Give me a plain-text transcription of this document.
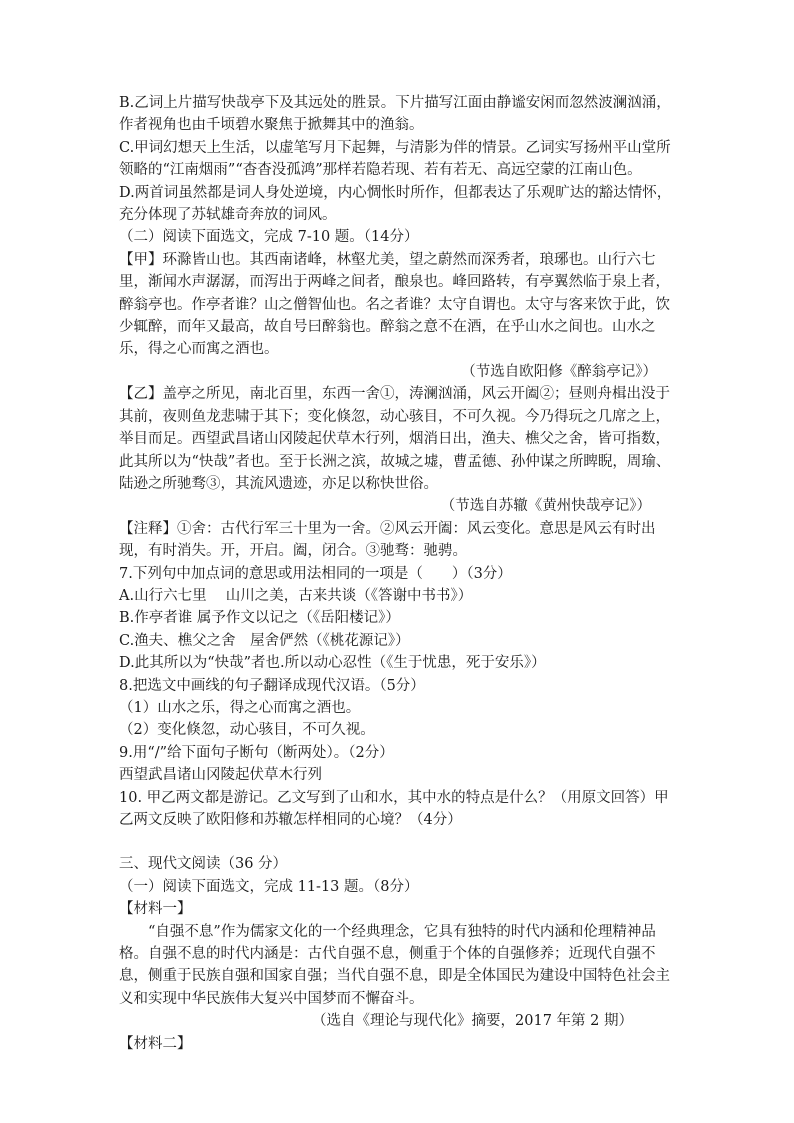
B.乙词上片描写快哉亭下及其远处的胜景。下片描写江面由静谧安闲而忽然波澜汹涌，作者视角也由千顷碧水聚焦于掀舞其中的渔翁。

C.甲词幻想天上生活，以虚笔写月下起舞，与清影为伴的情景。乙词实写扬州平山堂所领略的“江南烟雨”“杳杳没孤鸿”那样若隐若现、若有若无、高远空蒙的江南山色。

D.两首词虽然都是词人身处逆境，内心惆怅时所作，但都表达了乐观旷达的豁达情怀，充分体现了苏轼雄奇奔放的词风。

（二）阅读下面选文，完成 7-10 题。（14分）

【甲】环滁皆山也。其西南诸峰，林壑尤美，望之蔚然而深秀者，琅琊也。山行六七里，渐闻水声潺潺，而泻出于两峰之间者，酿泉也。峰回路转，有亭翼然临于泉上者，醉翁亭也。作亭者谁？山之僧智仙也。名之者谁？太守自谓也。太守与客来饮于此，饮少辄醉，而年又最高，故自号曰醉翁也。醉翁之意不在酒，在乎山水之间也。山水之乐，得之心而寓之酒也。

（节选自欧阳修《醉翁亭记》）

【乙】盖亭之所见，南北百里，东西一舍①，涛澜汹涌，风云开阖②；昼则舟楫出没于其前，夜则鱼龙悲啸于其下；变化倏忽，动心骇目，不可久视。今乃得玩之几席之上，举目而足。西望武昌诸山冈陵起伏草木行列，烟消日出，渔夫、樵父之舍，皆可指数，此其所以为“快哉”者也。至于长洲之滨，故城之墟，曹孟德、孙仲谋之所睥睨，周瑜、陆逊之所驰骛③，其流风遗迹，亦足以称快世俗。

（节选自苏辙《黄州快哉亭记》）

【注释】①舍：古代行军三十里为一舍。②风云开阖：风云变化。意思是风云有时出现，有时消失。开，开启。阖，闭合。③驰骛：驰骋。

7.下列句中加点词的意思或用法相同的一项是（　　）（3分）

A.山行六七里　 山川之美，古来共谈（《答谢中书书》）

B.作亭者谁 属予作文以记之（《岳阳楼记》）

C.渔夫、樵父之舍　屋舍俨然（《桃花源记》）

D.此其所以为“快哉”者也.所以动心忍性（《生于忧患，死于安乐》）

8.把选文中画线的句子翻译成现代汉语。（5分）

（1）山水之乐，得之心而寓之酒也。

（2）变化倏忽，动心骇目，不可久视。

9.用“/”给下面句子断句（断两处）。（2分）

西望武昌诸山冈陵起伏草木行列

10. 甲乙两文都是游记。乙文写到了山和水，其中水的特点是什么？（用原文回答）甲乙两文反映了欧阳修和苏辙怎样相同的心境？（4分）

三、现代文阅读（36 分）

（一）阅读下面选文，完成 11-13 题。（8分）

【材料一】

“自强不息”作为儒家文化的一个经典理念，它具有独特的时代内涵和伦理精神品格。自强不息的时代内涵是：古代自强不息，侧重于个体的自强修养；近现代自强不息，侧重于民族自强和国家自强；当代自强不息，即是全体国民为建设中国特色社会主义和实现中华民族伟大复兴中国梦而不懈奋斗。

（选自《理论与现代化》摘要，2017 年第 2 期）

【材料二】
